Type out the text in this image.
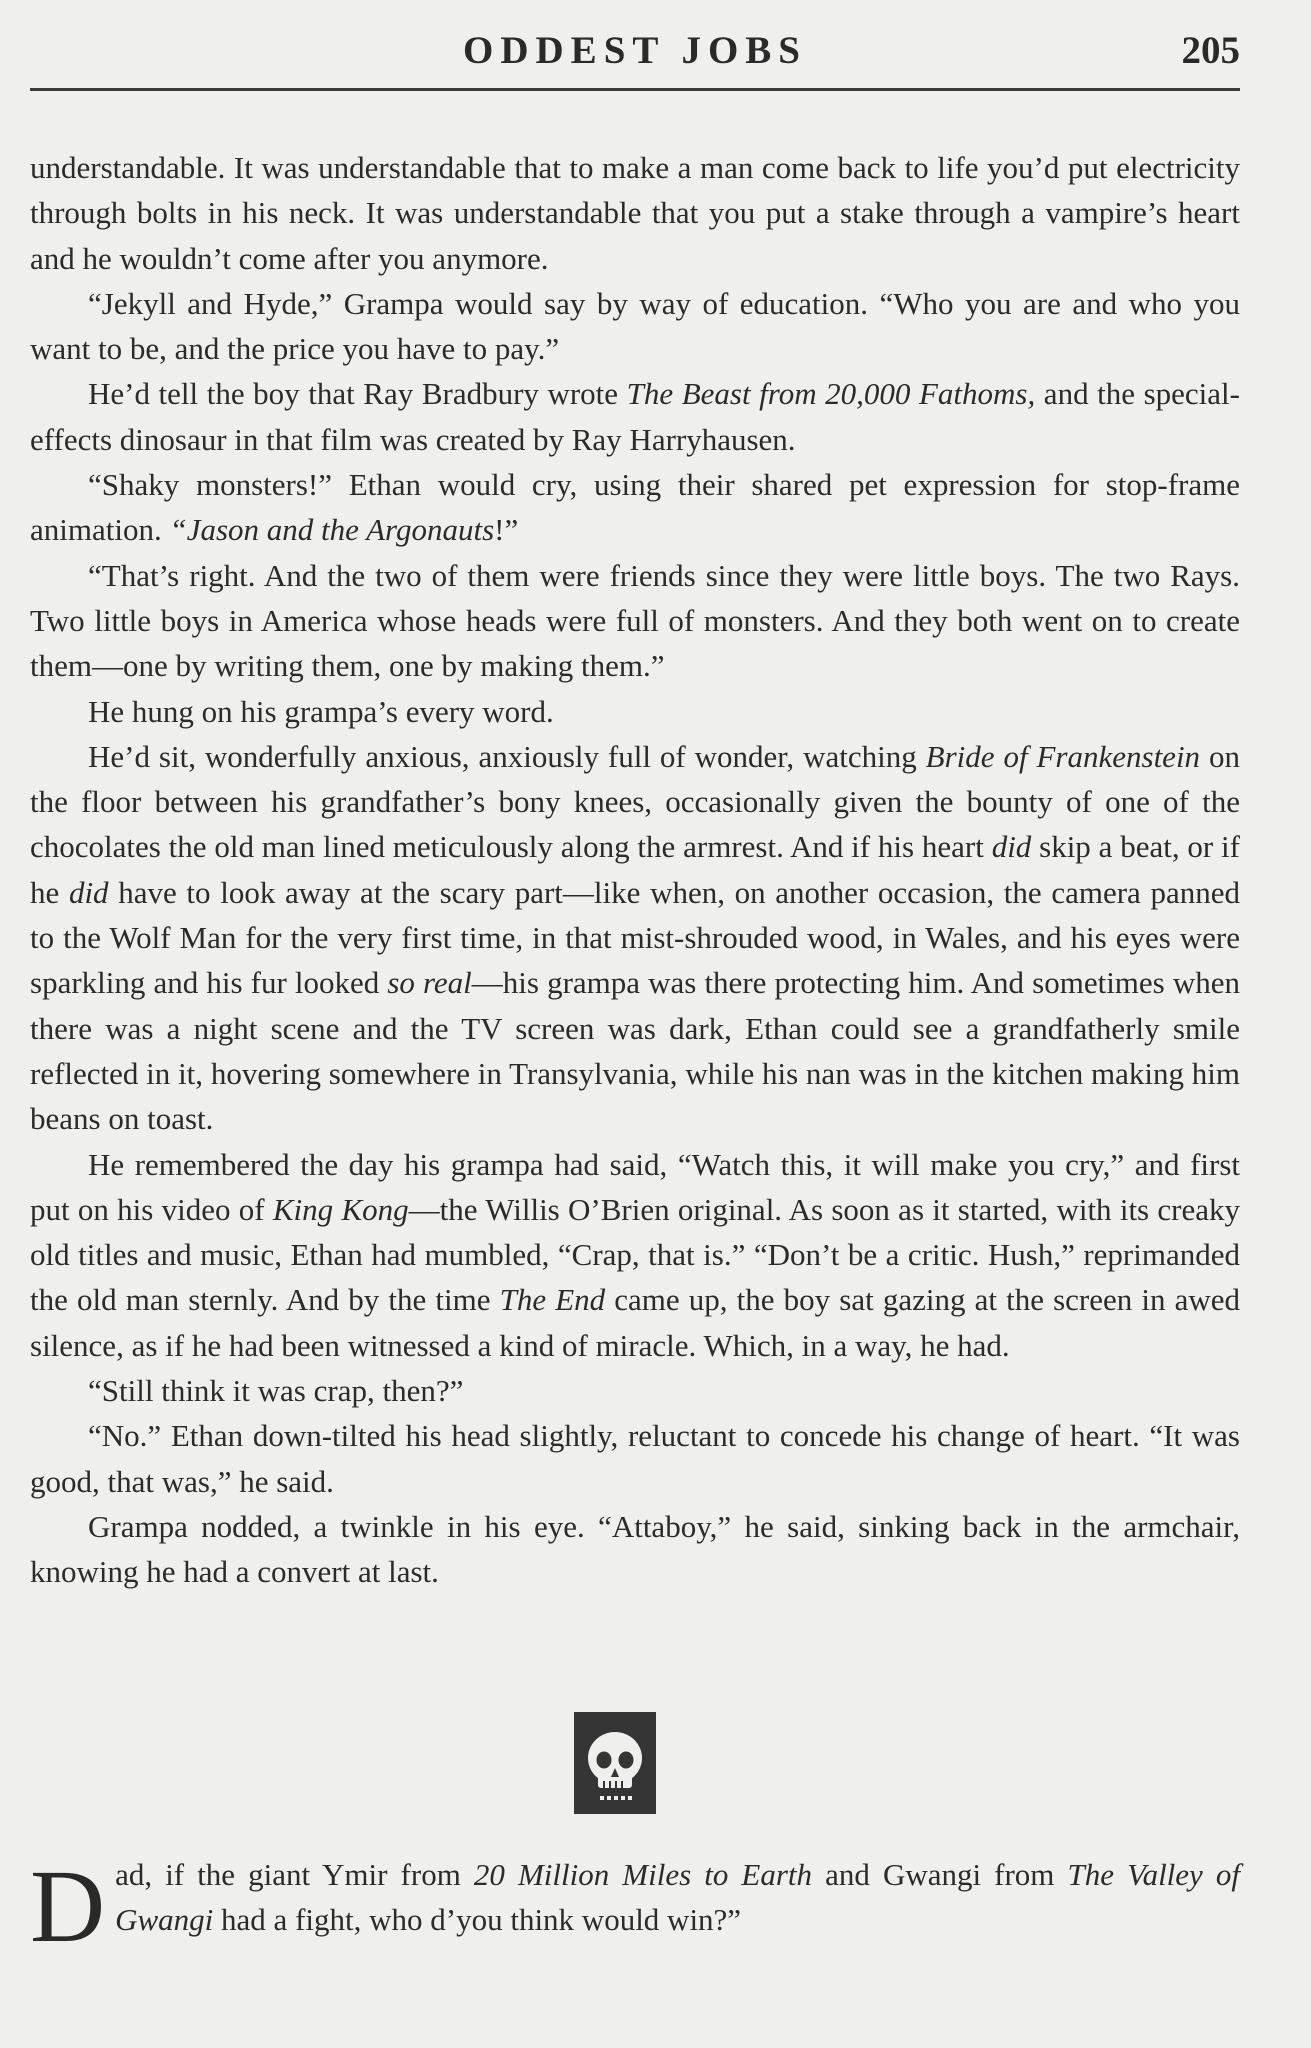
ODDEST JOBS	205

understandable. It was understandable that to make a man come back to life you’d put electricity through bolts in his neck. It was understandable that you put a stake through a vampire’s heart and he wouldn’t come after you anymore.

“Jekyll and Hyde,” Grampa would say by way of education. “Who you are and who you want to be, and the price you have to pay.”

He’d tell the boy that Ray Bradbury wrote The Beast from 20,000 Fathoms, and the special-effects dinosaur in that film was created by Ray Harryhausen.

“Shaky monsters!” Ethan would cry, using their shared pet expression for stop-frame animation. “Jason and the Argonauts!”

“That’s right. And the two of them were friends since they were little boys. The two Rays. Two little boys in America whose heads were full of monsters. And they both went on to create them—one by writing them, one by making them.”

He hung on his grampa’s every word.

He’d sit, wonderfully anxious, anxiously full of wonder, watching Bride of Frankenstein on the floor between his grandfather’s bony knees, occasionally given the bounty of one of the chocolates the old man lined meticulously along the armrest. And if his heart did skip a beat, or if he did have to look away at the scary part—like when, on another occasion, the camera panned to the Wolf Man for the very first time, in that mist-shrouded wood, in Wales, and his eyes were sparkling and his fur looked so real—his grampa was there protecting him. And sometimes when there was a night scene and the TV screen was dark, Ethan could see a grandfatherly smile reflected in it, hovering somewhere in Transylvania, while his nan was in the kitchen making him beans on toast.

He remembered the day his grampa had said, “Watch this, it will make you cry,” and first put on his video of King Kong—the Willis O’Brien original. As soon as it started, with its creaky old titles and music, Ethan had mumbled, “Crap, that is.” “Don’t be a critic. Hush,” reprimanded the old man sternly. And by the time The End came up, the boy sat gazing at the screen in awed silence, as if he had been witnessed a kind of miracle. Which, in a way, he had.

“Still think it was crap, then?”

“No.” Ethan down-tilted his head slightly, reluctant to concede his change of heart. “It was good, that was,” he said.

Grampa nodded, a twinkle in his eye. “Attaboy,” he said, sinking back in the armchair, knowing he had a convert at last.

D ad, if the giant Ymir from 20 Million Miles to Earth and Gwangi from The Valley of Gwangi had a fight, who d’you think would win?”
